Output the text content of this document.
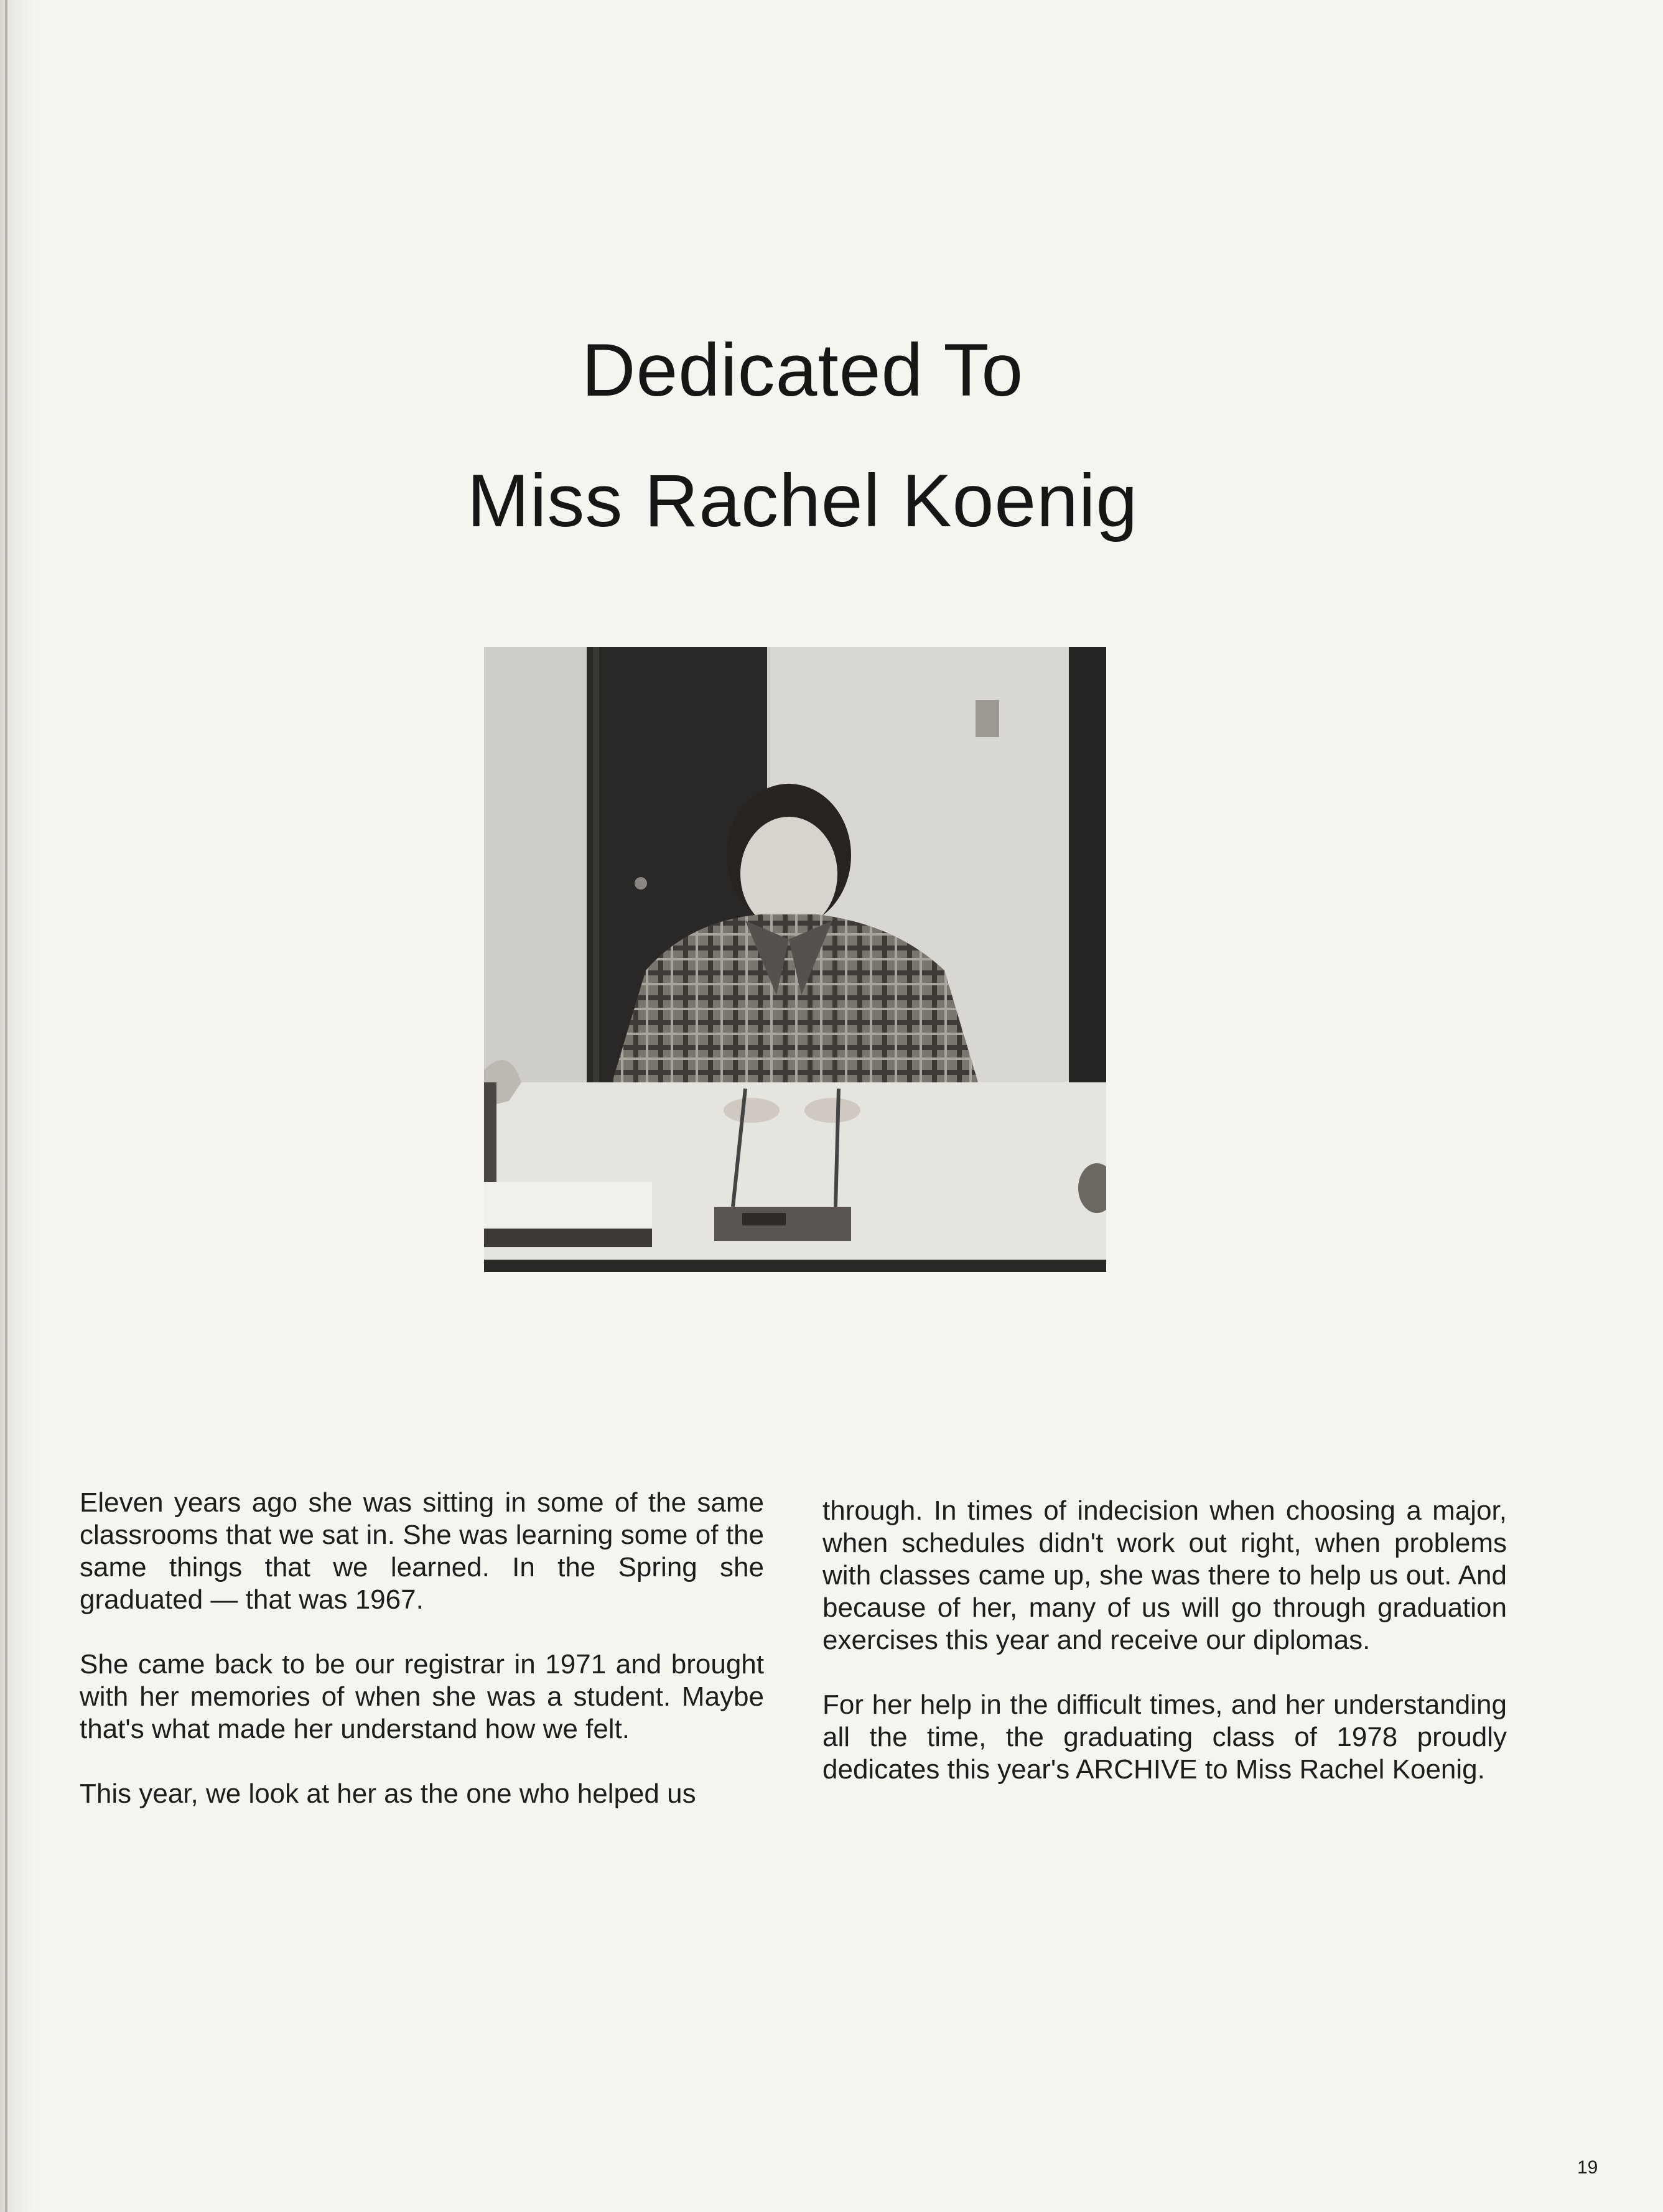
Dedicated To
Miss Rachel Koenig

Eleven years ago she was sitting in some of the same classrooms that we sat in. She was learning some of the same things that we learned. In the Spring she graduated — that was 1967.

She came back to be our registrar in 1971 and brought with her memories of when she was a student. Maybe that's what made her understand how we felt.

This year, we look at her as the one who helped us

through. In times of indecision when choosing a major, when schedules didn't work out right, when problems with classes came up, she was there to help us out. And because of her, many of us will go through graduation exercises this year and receive our diplomas.

For her help in the difficult times, and her understanding all the time, the graduating class of 1978 proudly dedicates this year's ARCHIVE to Miss Rachel Koenig.

19
